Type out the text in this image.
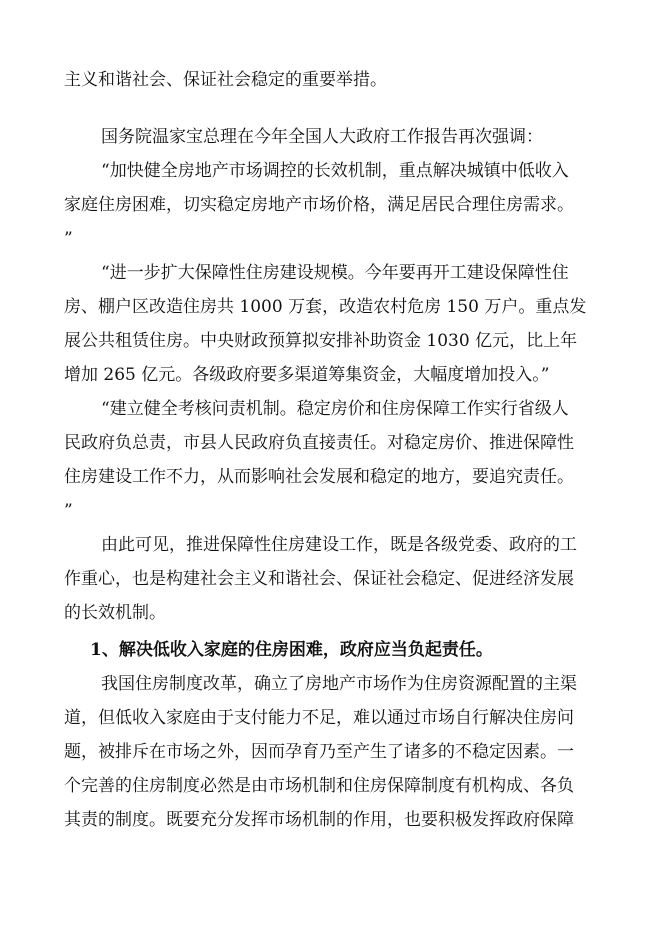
主义和谐社会、保证社会稳定的重要举措。
国务院温家宝总理在今年全国人大政府工作报告再次强调：
“加快健全房地产市场调控的长效机制，重点解决城镇中低收入
家庭住房困难，切实稳定房地产市场价格，满足居民合理住房需求。
”
“进一步扩大保障性住房建设规模。今年要再开工建设保障性住
房、棚户区改造住房共 1000 万套，改造农村危房 150 万户。重点发
展公共租赁住房。中央财政预算拟安排补助资金 1030 亿元，比上年
增加 265 亿元。各级政府要多渠道筹集资金，大幅度增加投入。”
“建立健全考核问责机制。稳定房价和住房保障工作实行省级人
民政府负总责，市县人民政府负直接责任。对稳定房价、推进保障性
住房建设工作不力，从而影响社会发展和稳定的地方，要追究责任。
”
由此可见，推进保障性住房建设工作，既是各级党委、政府的工
作重心，也是构建社会主义和谐社会、保证社会稳定、促进经济发展
的长效机制。
1、解决低收入家庭的住房困难，政府应当负起责任。
我国住房制度改革，确立了房地产市场作为住房资源配置的主渠
道，但低收入家庭由于支付能力不足，难以通过市场自行解决住房问
题，被排斥在市场之外，因而孕育乃至产生了诸多的不稳定因素。一
个完善的住房制度必然是由市场机制和住房保障制度有机构成、各负
其责的制度。既要充分发挥市场机制的作用，也要积极发挥政府保障
